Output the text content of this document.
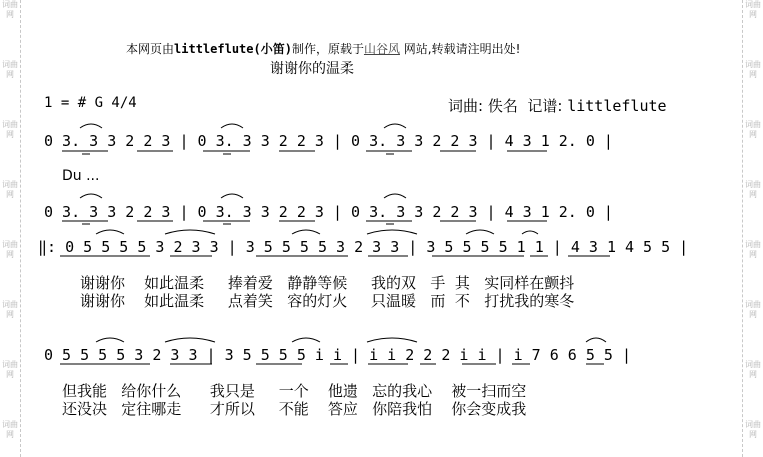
词曲网
词曲网
词曲网
词曲网
词曲网
词曲网
词曲网
词曲网
词曲网
词曲网
词曲网
词曲网
词曲网
词曲网
词曲网
词曲网
本网页由littleflute(小笛)制作，原载于山谷风 网站,转载请注明出处!
谢谢你的温柔
1 = # G 4/4	词曲: 佚名 记谱: littleflute
0 3. 3 3 2 2 3 | 0 3. 3 3 2 2 3 | 0 3. 3 3 2 2 3 | 4 3 1 2. 0 |
Du ...
0 3. 3 3 2 2 3 | 0 3. 3 3 2 2 3 | 0 3. 3 3 2 2 3 | 4 3 1 2. 0 |
‖: 0 5 5 5 5 3 2 3 3 | 3 5 5 5 5 3 2 3 3 | 3 5 5 5 5 1 1 | 4 3 1 4 5 5 |
谢谢你    如此温柔     捧着爱   静静等候     我的双   手  其   实同样在颤抖
谢谢你    如此温柔     点着笑   容的灯火     只温暖   而  不   打扰我的寒冬
0 5 5 5 5 3 2 3 3 | 3 5 5 5 5 i i | i i 2 2 2 i i | i 7 6 6 5 5 |
但我能   给你什么      我只是     一个    他遗   忘的我心    被一扫而空
还没决   定往哪走      才所以     不能    答应   你陪我怕    你会变成我
